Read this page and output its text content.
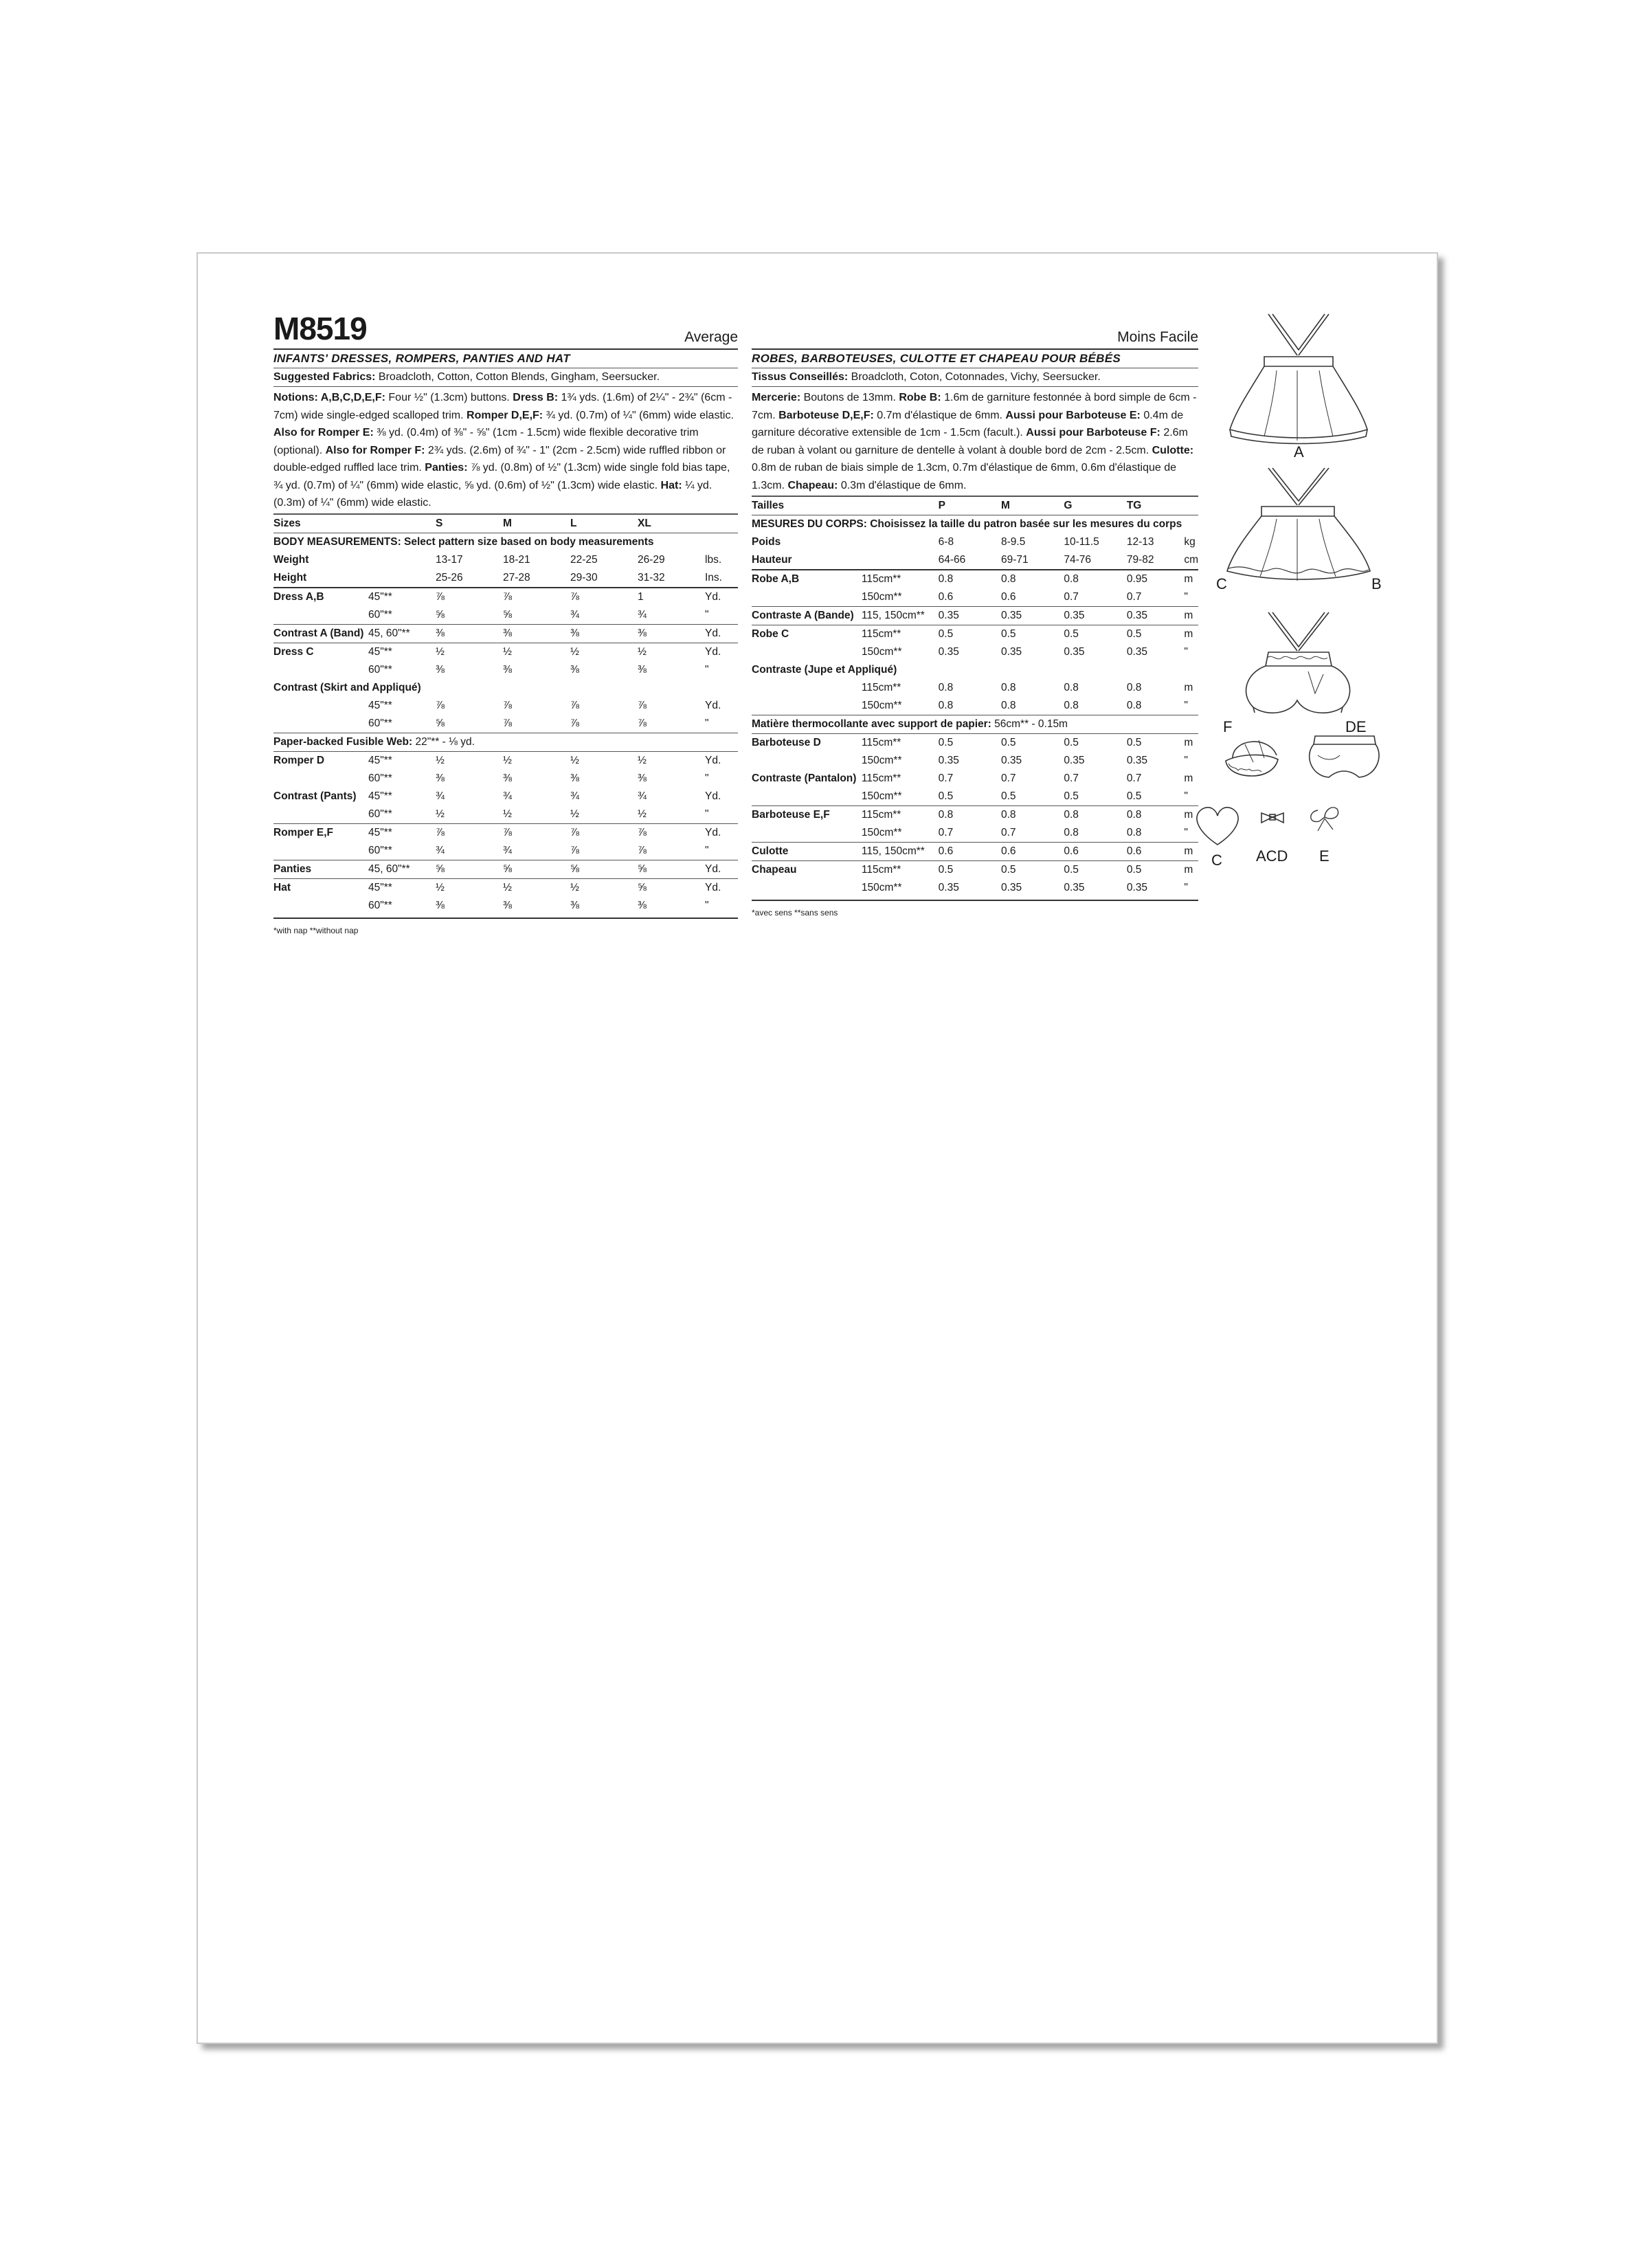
M8519	Average
INFANTS' DRESSES, ROMPERS, PANTIES AND HAT
Suggested Fabrics: Broadcloth, Cotton, Cotton Blends, Gingham, Seersucker.
Notions: A,B,C,D,E,F: Four ½" (1.3cm) buttons. Dress B: 1¾ yds. (1.6m) of 2¼" - 2¾" (6cm - 7cm) wide single-edged scalloped trim. Romper D,E,F: ¾ yd. (0.7m) of ¼" (6mm) wide elastic. Also for Romper E: ⅜ yd. (0.4m) of ⅜" - ⅝" (1cm - 1.5cm) wide flexible decorative trim (optional). Also for Romper F: 2¾ yds. (2.6m) of ¾" - 1" (2cm - 2.5cm) wide ruffled ribbon or double-edged ruffled lace trim. Panties: ⅞ yd. (0.8m) of ½" (1.3cm) wide single fold bias tape, ¾ yd. (0.7m) of ¼" (6mm) wide elastic, ⅝ yd. (0.6m) of ½" (1.3cm) wide elastic. Hat: ¼ yd. (0.3m) of ¼" (6mm) wide elastic.
Sizes		S	M	L	XL	
BODY MEASUREMENTS: Select pattern size based on body measurements						
Weight		13-17	18-21	22-25	26-29	lbs.
Height		25-26	27-28	29-30	31-32	Ins.
Dress A,B	45"**	⅞	⅞	⅞	1	Yd.
	60"**	⅝	⅝	¾	¾	"
Contrast A (Band)	45, 60"**	⅜	⅜	⅜	⅜	Yd.
Dress C	45"**	½	½	½	½	Yd.
	60"**	⅜	⅜	⅜	⅜	"
Contrast (Skirt and Appliqué)						
	45"**	⅞	⅞	⅞	⅞	Yd.
	60"**	⅝	⅞	⅞	⅞	"
Paper-backed Fusible Web: 22"** - ⅛ yd.						
Romper D	45"**	½	½	½	½	Yd.
	60"**	⅜	⅜	⅜	⅜	"
Contrast (Pants)	45"**	¾	¾	¾	¾	Yd.
	60"**	½	½	½	½	"
Romper E,F	45"**	⅞	⅞	⅞	⅞	Yd.
	60"**	¾	¾	⅞	⅞	"
Panties	45, 60"**	⅝	⅝	⅝	⅝	Yd.
Hat	45"**	½	½	½	⅝	Yd.
	60"**	⅜	⅜	⅜	⅜	"
*with nap **without nap
Moins Facile
ROBES, BARBOTEUSES, CULOTTE ET CHAPEAU POUR BÉBÉS
Tissus Conseillés: Broadcloth, Coton, Cotonnades, Vichy, Seersucker.
Mercerie: Boutons de 13mm. Robe B: 1.6m de garniture festonnée à bord simple de 6cm - 7cm. Barboteuse D,E,F: 0.7m d'élastique de 6mm. Aussi pour Barboteuse E: 0.4m de garniture décorative extensible de 1cm - 1.5cm (facult.). Aussi pour Barboteuse F: 2.6m de ruban à volant ou garniture de dentelle à volant à double bord de 2cm - 2.5cm. Culotte: 0.8m de ruban de biais simple de 1.3cm, 0.7m d'élastique de 6mm, 0.6m d'élastique de 1.3cm. Chapeau: 0.3m d'élastique de 6mm.
Tailles		P	M	G	TG	
MESURES DU CORPS: Choisissez la taille du patron basée sur les mesures du corps						
Poids		6-8	8-9.5	10-11.5	12-13	kg
Hauteur		64-66	69-71	74-76	79-82	cm
Robe A,B	115cm**	0.8	0.8	0.8	0.95	m
	150cm**	0.6	0.6	0.7	0.7	"
Contraste A (Bande)	115, 150cm**	0.35	0.35	0.35	0.35	m
Robe C	115cm**	0.5	0.5	0.5	0.5	m
	150cm**	0.35	0.35	0.35	0.35	"
Contraste (Jupe et Appliqué)						
	115cm**	0.8	0.8	0.8	0.8	m
	150cm**	0.8	0.8	0.8	0.8	"
Matière thermocollante avec support de papier: 56cm** - 0.15m						
Barboteuse D	115cm**	0.5	0.5	0.5	0.5	m
	150cm**	0.35	0.35	0.35	0.35	"
Contraste (Pantalon)	115cm**	0.7	0.7	0.7	0.7	m
	150cm**	0.5	0.5	0.5	0.5	"
Barboteuse E,F	115cm**	0.8	0.8	0.8	0.8	m
	150cm**	0.7	0.7	0.8	0.8	"
Culotte	115, 150cm**	0.6	0.6	0.6	0.6	m
Chapeau	115cm**	0.5	0.5	0.5	0.5	m
	150cm**	0.35	0.35	0.35	0.35	"
*avec sens **sans sens
A
C	B
F	DE
C ACD E
